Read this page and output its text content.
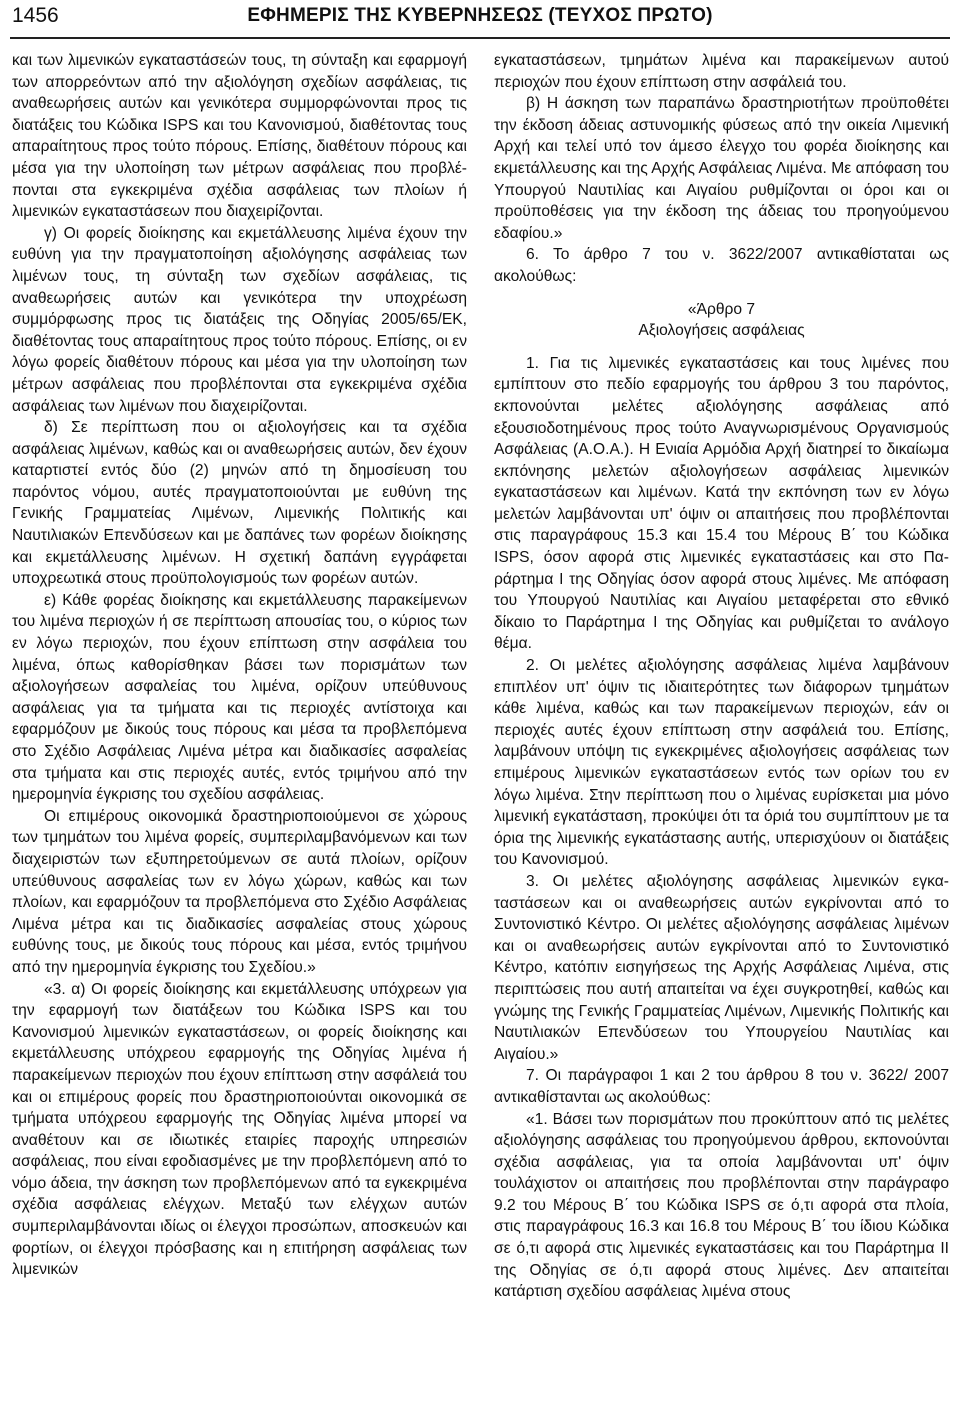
1456	ΕΦΗΜΕΡΙΣ ΤΗΣ ΚΥΒΕΡΝΗΣΕΩΣ (ΤΕΥΧΟΣ ΠΡΩΤΟ)

και των λιμενικών εγκαταστάσεών τους, τη σύνταξη και εφαρμογή των απορρεόντων από την αξιολόγηση σχεδίων ασφάλειας, τις αναθεωρήσεις αυτών και γενικότερα συμμορφώνονται προς τις διατάξεις του Κώδικα ISPS και του Κανονισμού, διαθέτοντας τους απαραίτητους προς τούτο πόρους. Επίσης, διαθέτουν πόρους και μέσα για την υλοποίηση των μέτρων ασφάλειας που προβλέπονται στα εγκεκριμένα σχέδια ασφάλειας των πλοίων ή λιμενικών εγκαταστάσεων που διαχειρίζονται.

γ) Οι φορείς διοίκησης και εκμετάλλευσης λιμένα έχουν την ευθύνη για την πραγματοποίηση αξιολόγησης ασφάλειας των λιμένων τους, τη σύνταξη των σχεδίων ασφάλειας, τις αναθεωρήσεις αυτών και γενικότερα την υποχρέωση συμμόρφωσης προς τις διατάξεις της Οδηγίας 2005/65/ΕΚ, διαθέτοντας τους απαραίτητους προς τούτο πόρους. Επίσης, οι εν λόγω φορείς διαθέτουν πόρους και μέσα για την υλοποίηση των μέτρων ασφάλειας που προβλέπονται στα εγκεκριμένα σχέδια ασφάλειας των λιμένων που διαχειρίζονται.

δ) Σε περίπτωση που οι αξιολογήσεις και τα σχέδια ασφάλειας λιμένων, καθώς και οι αναθεωρήσεις αυτών, δεν έχουν καταρτιστεί εντός δύο (2) μηνών από τη δημοσίευση του παρόντος νόμου, αυτές πραγματοποιούνται με ευθύνη της Γενικής Γραμματείας Λιμένων, Λιμενικής Πολιτικής και Ναυτιλιακών Επενδύσεων και με δαπάνες των φορέων διοίκησης και εκμετάλλευσης λιμένων. Η σχετική δαπάνη εγγράφεται υποχρεωτικά στους προϋπολογισμούς των φορέων αυτών.

ε) Κάθε φορέας διοίκησης και εκμετάλλευσης παρακείμενων του λιμένα περιοχών ή σε περίπτωση απουσίας του, ο κύριος των εν λόγω περιοχών, που έχουν επίπτωση στην ασφάλεια του λιμένα, όπως καθορίσθηκαν βάσει των πορισμάτων των αξιολογήσεων ασφαλείας του λιμένα, ορίζουν υπεύθυνους ασφάλειας για τα τμήματα και τις περιοχές αντίστοιχα και εφαρμόζουν με δικούς τους πόρους και μέσα τα προβλεπόμενα στο Σχέδιο Ασφάλειας Λιμένα μέτρα και διαδικασίες ασφαλείας στα τμήματα και στις περιοχές αυτές, εντός τριμήνου από την ημερομηνία έγκρισης του σχεδίου ασφάλειας.

Οι επιμέρους οικονομικά δραστηριοποιούμενοι σε χώρους των τμημάτων του λιμένα φορείς, συμπεριλαμβανόμενων και των διαχειριστών των εξυπηρετούμενων σε αυτά πλοίων, ορίζουν υπεύθυνους ασφαλείας των εν λόγω χώρων, καθώς και των πλοίων, και εφαρμόζουν τα προβλεπόμενα στο Σχέδιο Ασφάλειας Λιμένα μέτρα και τις διαδικασίες ασφαλείας στους χώρους ευθύνης τους, με δικούς τους πόρους και μέσα, εντός τριμήνου από την ημερομηνία έγκρισης του Σχεδίου.»

«3. α) Οι φορείς διοίκησης και εκμετάλλευσης υπόχρεων για την εφαρμογή των διατάξεων του Κώδικα ISPS και του Κανονισμού λιμενικών εγκαταστάσεων, οι φορείς διοίκησης και εκμετάλλευσης υπόχρεου εφαρμογής της Οδηγίας λιμένα ή παρακείμενων περιοχών που έχουν επίπτωση στην ασφάλειά του και οι επιμέρους φορείς που δραστηριοποιούνται οικονομικά σε τμήματα υπόχρεου εφαρμογής της Οδηγίας λιμένα μπορεί να αναθέτουν και σε ιδιωτικές εταιρίες παροχής υπηρεσιών ασφάλειας, που είναι εφοδιασμένες με την προβλεπόμενη από το νόμο άδεια, την άσκηση των προβλεπόμενων από τα εγκεκριμένα σχέδια ασφάλειας ελέγχων. Μεταξύ των ελέγχων αυτών συμπεριλαμβάνονται ιδίως οι έλεγχοι προσώπων, αποσκευών και φορτίων, οι έλεγχοι πρόσβασης και η επιτήρηση ασφάλειας των λιμενικών

εγκαταστάσεων, τμημάτων λιμένα και παρακείμενων αυτού περιοχών που έχουν επίπτωση στην ασφάλειά του.

β) Η άσκηση των παραπάνω δραστηριοτήτων προϋποθέτει την έκδοση άδειας αστυνομικής φύσεως από την οικεία Λιμενική Αρχή και τελεί υπό τον άμεσο έλεγχο του φορέα διοίκησης και εκμετάλλευσης και της Αρχής Ασφάλειας Λιμένα. Με απόφαση του Υπουργού Ναυτιλίας και Αιγαίου ρυθμίζονται οι όροι και οι προϋποθέσεις για την έκδοση της άδειας του προηγούμενου εδαφίου.»

6. Το άρθρο 7 του ν. 3622/2007 αντικαθίσταται ως ακολούθως:

«Άρθρο 7
Αξιολογήσεις ασφάλειας

1. Για τις λιμενικές εγκαταστάσεις και τους λιμένες που εμπίπτουν στο πεδίο εφαρμογής του άρθρου 3 του παρόντος, εκπονούνται μελέτες αξιολόγησης ασφάλειας από εξουσιοδοτημένους προς τούτο Αναγνωρισμένους Οργανισμούς Ασφάλειας (Α.Ο.Α.). Η Ενιαία Αρμόδια Αρχή διατηρεί το δικαίωμα εκπόνησης μελετών αξιολογήσεων ασφάλειας λιμενικών εγκαταστάσεων και λιμένων. Κατά την εκπόνηση των εν λόγω μελετών λαμβάνονται υπ' όψιν οι απαιτήσεις που προβλέπονται στις παραγράφους 15.3 και 15.4 του Μέρους Β΄ του Κώδικα ISPS, όσον αφορά στις λιμενικές εγκαταστάσεις και στο Παράρτημα Ι της Οδηγίας όσον αφορά στους λιμένες. Με απόφαση του Υπουργού Ναυτιλίας και Αιγαίου μεταφέρεται στο εθνικό δίκαιο το Παράρτημα Ι της Οδηγίας και ρυθμίζεται το ανάλογο θέμα.

2. Οι μελέτες αξιολόγησης ασφάλειας λιμένα λαμβάνουν επιπλέον υπ' όψιν τις ιδιαιτερότητες των διάφορων τμημάτων κάθε λιμένα, καθώς και των παρακείμενων περιοχών, εάν οι περιοχές αυτές έχουν επίπτωση στην ασφάλειά του. Επίσης, λαμβάνουν υπόψη τις εγκεκριμένες αξιολογήσεις ασφάλειας των επιμέρους λιμενικών εγκαταστάσεων εντός των ορίων του εν λόγω λιμένα. Στην περίπτωση που ο λιμένας ευρίσκεται μια μόνο λιμενική εγκατάσταση, προκύψει ότι τα όριά του συμπίπτουν με τα όρια της λιμενικής εγκατάστασης αυτής, υπερισχύουν οι διατάξεις του Κανονισμού.

3. Οι μελέτες αξιολόγησης ασφάλειας λιμενικών εγκαταστάσεων και οι αναθεωρήσεις αυτών εγκρίνονται από το Συντονιστικό Κέντρο. Οι μελέτες αξιολόγησης ασφάλειας λιμένων και οι αναθεωρήσεις αυτών εγκρίνονται από το Συντονιστικό Κέντρο, κατόπιν εισηγήσεως της Αρχής Ασφάλειας Λιμένα, στις περιπτώσεις που αυτή απαιτείται να έχει συγκροτηθεί, καθώς και γνώμης της Γενικής Γραμματείας Λιμένων, Λιμενικής Πολιτικής και Ναυτιλιακών Επενδύσεων του Υπουργείου Ναυτιλίας και Αιγαίου.»

7. Οι παράγραφοι 1 και 2 του άρθρου 8 του ν. 3622/ 2007 αντικαθίστανται ως ακολούθως:

«1. Βάσει των πορισμάτων που προκύπτουν από τις μελέτες αξιολόγησης ασφάλειας του προηγούμενου άρθρου, εκπονούνται σχέδια ασφάλειας, για τα οποία λαμβάνονται υπ' όψιν τουλάχιστον οι απαιτήσεις που προβλέπονται στην παράγραφο 9.2 του Μέρους Β΄ του Κώδικα ISPS σε ό,τι αφορά στα πλοία, στις παραγράφους 16.3 και 16.8 του Μέρους Β΄ του ίδιου Κώδικα σε ό,τι αφορά στις λιμενικές εγκαταστάσεις και του Παράρτημα ΙΙ της Οδηγίας σε ό,τι αφορά στους λιμένες. Δεν απαιτείται κατάρτιση σχεδίου ασφάλειας λιμένα στους
